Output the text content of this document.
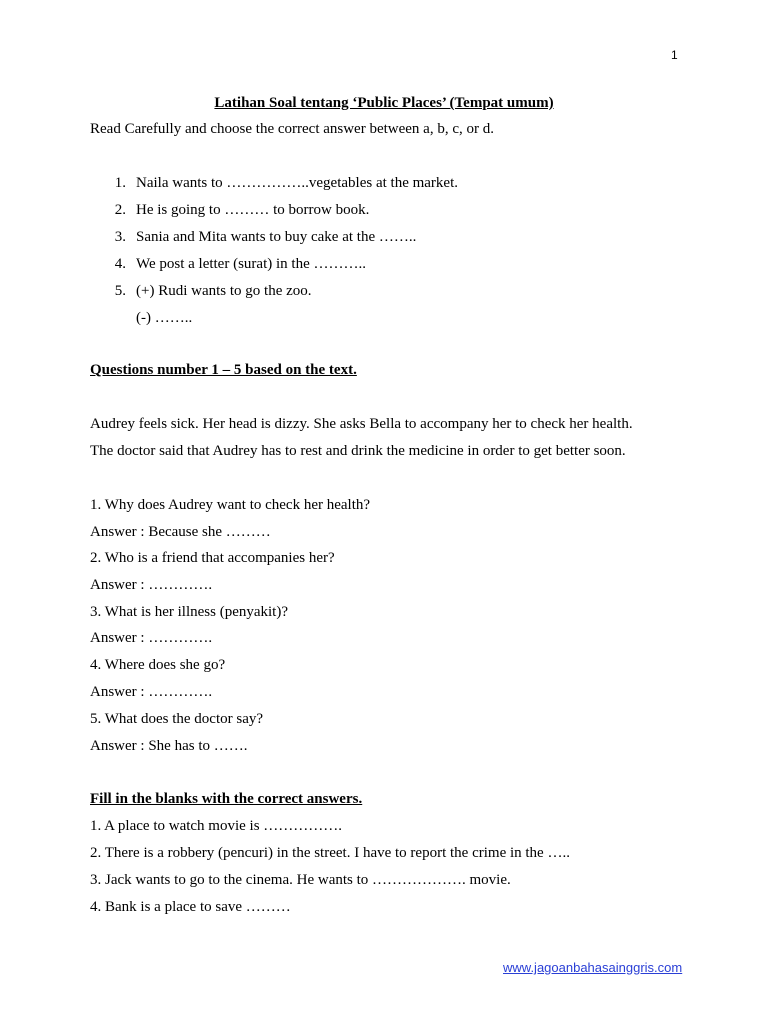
1
Latihan Soal tentang ‘Public Places’ (Tempat umum)
Read Carefully and choose the correct answer between a, b, c, or d.
1. Naila wants to ……………..vegetables at the market.
2. He is going to ……… to borrow book.
3. Sania and Mita wants to buy cake at the ……..
4. We post a letter (surat) in the ………..
5. (+) Rudi wants to go the zoo.
(-) ……..
Questions number 1 – 5 based on the text.
Audrey feels sick. Her head is dizzy. She asks Bella to accompany her to check her health.
The doctor said that Audrey has to rest and drink the medicine in order to get better soon.
1. Why does Audrey want to check her health?
Answer : Because she ………
2. Who is a friend that accompanies her?
Answer : ………….
3. What is her illness (penyakit)?
Answer : ………….
4. Where does she go?
Answer : ………….
5. What does the doctor say?
Answer : She has to …….
Fill in the blanks with the correct answers.
1. A place to watch movie is …………….
2. There is a robbery (pencuri) in the street. I have to report the crime in the …..
3. Jack wants to go to the cinema. He wants to ………………. movie.
4. Bank is a place to save ………
www.jagoanbahasainggris.com
